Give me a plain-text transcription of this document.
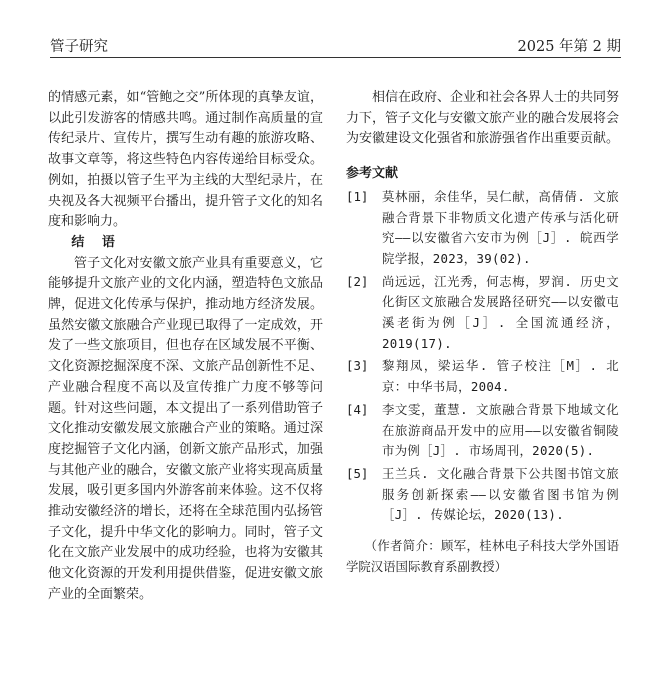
管子研究	2025 年第 2 期

的情感元素，如“管鲍之交”所体现的真挚友谊，以此引发游客的情感共鸣。通过制作高质量的宣传纪录片、宣传片，撰写生动有趣的旅游攻略、故事文章等，将这些特色内容传递给目标受众。例如，拍摄以管子生平为主线的大型纪录片，在央视及各大视频平台播出，提升管子文化的知名度和影响力。

结 语

管子文化对安徽文旅产业具有重要意义，它能够提升文旅产业的文化内涵，塑造特色文旅品牌，促进文化传承与保护，推动地方经济发展。虽然安徽文旅融合产业现已取得了一定成效，开发了一些文旅项目，但也存在区域发展不平衡、文化资源挖掘深度不深、文旅产品创新性不足、产业融合程度不高以及宣传推广力度不够等问题。针对这些问题，本文提出了一系列借助管子文化推动安徽发展文旅融合产业的策略。通过深度挖掘管子文化内涵，创新文旅产品形式，加强与其他产业的融合，安徽文旅产业将实现高质量发展，吸引更多国内外游客前来体验。这不仅将推动安徽经济的增长，还将在全球范围内弘扬管子文化，提升中华文化的影响力。同时，管子文化在文旅产业发展中的成功经验，也将为安徽其他文化资源的开发利用提供借鉴，促进安徽文旅产业的全面繁荣。

相信在政府、企业和社会各界人士的共同努力下，管子文化与安徽文旅产业的融合发展将会为安徽建设文化强省和旅游强省作出重要贡献。

参考文献
[1]	莫林丽，余佳华，吴仁献，高倩倩. 文旅融合背景下非物质文化遗产传承与活化研究——以安徽省六安市为例［J］. 皖西学院学报，2023，39(02).
[2]	尚远远，江光秀，何志梅，罗润. 历史文化街区文旅融合发展路径研究——以安徽屯溪老街为例［J］. 全国流通经济，2019(17).
[3]	黎翔凤，梁运华. 管子校注［M］. 北京：中华书局，2004.
[4]	李文雯，董慧. 文旅融合背景下地域文化在旅游商品开发中的应用——以安徽省铜陵市为例［J］. 市场周刊，2020(5).
[5]	王兰兵. 文化融合背景下公共图书馆文旅服务创新探索——以安徽省图书馆为例［J］. 传媒论坛，2020(13).
（作者简介：顾军，桂林电子科技大学外国语学院汉语国际教育系副教授）
